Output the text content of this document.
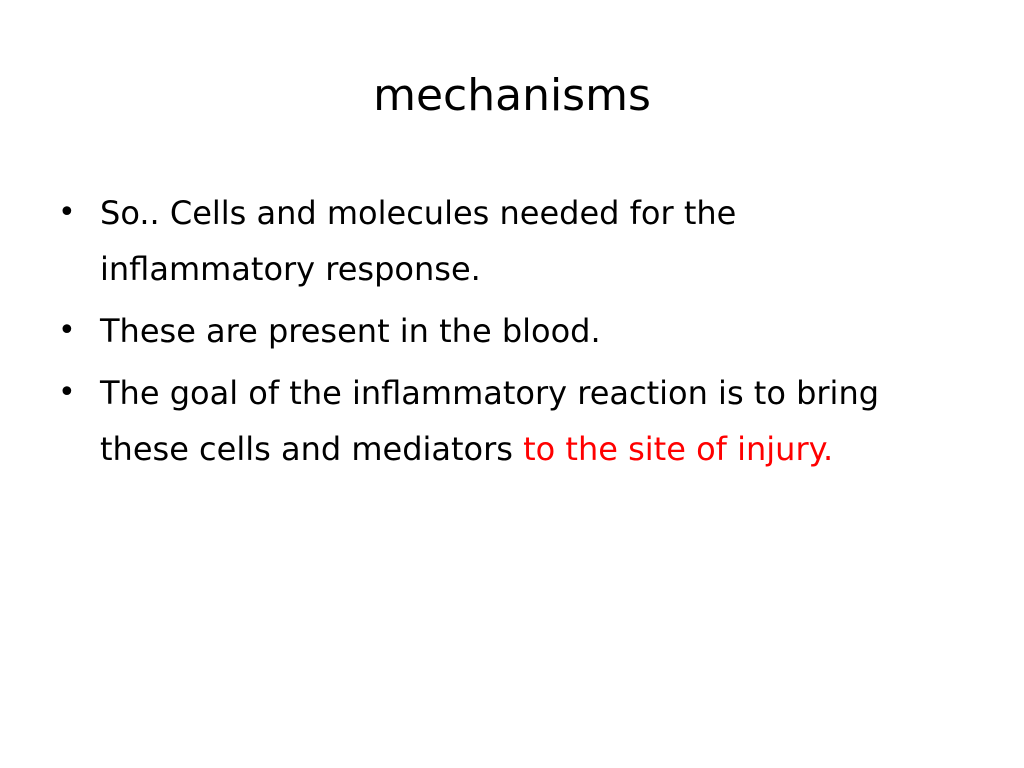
mechanisms
• So.. Cells and molecules needed for the inflammatory response.
• These are present in the blood.
• The goal of the inflammatory reaction is to bring these cells and mediators to the site of injury.
